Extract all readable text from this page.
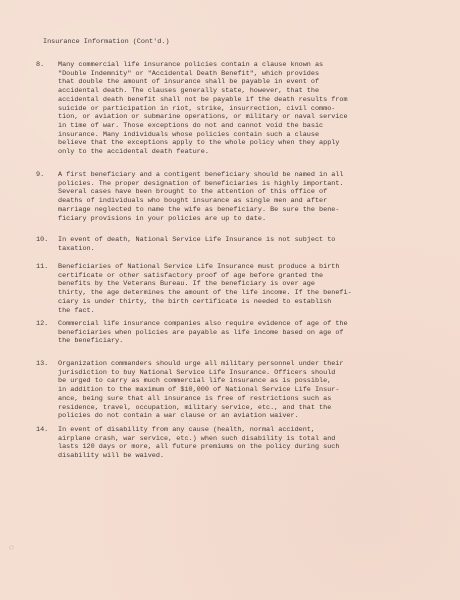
Insurance Information (Cont'd.)
8.	Many commercial life insurance policies contain a clause known as
"Double Indemnity" or "Accidental Death Benefit", which provides
that double the amount of insurance shall be payable in event of
accidental death. The clauses generally state, however, that the
accidental death benefit shall not be payable if the death results from
suicide or participation in riot, strike, insurrection, civil commo-
tion, or aviation or submarine operations, or military or naval service
in time of war. Those exceptions do not and cannot void the basic
insurance. Many individuals whose policies contain such a clause
believe that the exceptions apply to the whole policy when they apply
only to the accidental death feature.
9.	A first beneficiary and a contigent beneficiary should be named in all
policies. The proper designation of beneficiaries is highly important.
Several cases have been brought to the attention of this office of
deaths of individuals who bought insurance as single men and after
marriage neglected to name the wife as beneficiary. Be sure the bene-
ficiary provisions in your policies are up to date.
10.	In event of death, National Service Life Insurance is not subject to
taxation.
11.	Beneficiaries of National Service Life Insurance must produce a birth
certificate or other satisfactory proof of age before granted the
benefits by the Veterans Bureau. If the beneficiary is over age
thirty, the age determines the amount of the life income. If the benefi-
ciary is under thirty, the birth certificate is needed to establish
the fact.
12.	Commercial life insurance companies also require evidence of age of the
beneficiaries when policies are payable as life income based on age of
the beneficiary.
13.	Organization commanders should urge all military personnel under their
jurisdiction to buy National Service Life Insurance. Officers should
be urged to carry as much commercial life insurance as is possible,
in addition to the maximum of $10,000 of National Service Life Insur-
ance, being sure that all insurance is free of restrictions such as
residence, travel, occupation, military service, etc., and that the
policies do not contain a war clause or an aviation waiver.
14.	In event of disability from any cause (health, normal accident,
airplane crash, war service, etc.) when such disability is total and
lasts 120 days or more, all future premiums on the policy during such
disability will be waived.
◌
